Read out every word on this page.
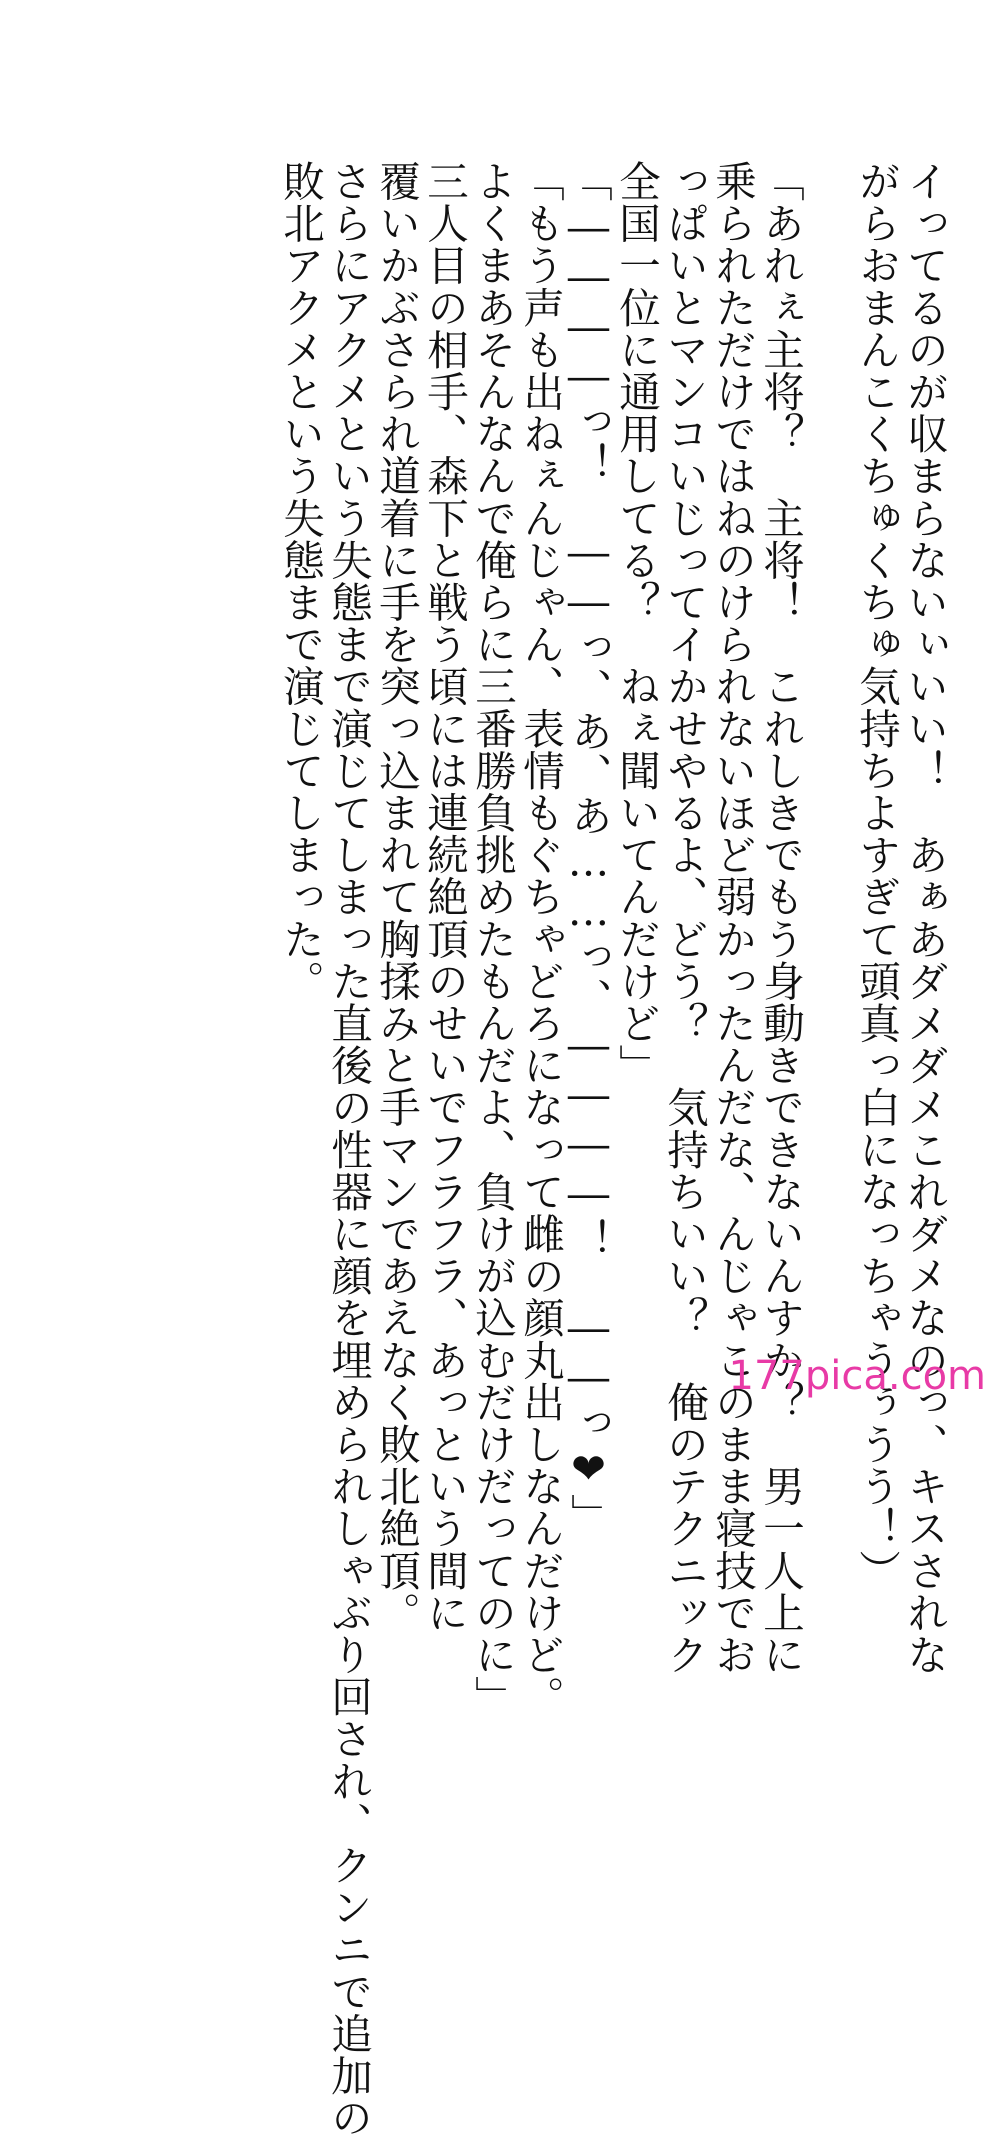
イってるのが収まらないぃいい！　あぁあダメダメこれダメなのっ、キスされな
がらおまんこくちゅくちゅ気持ちよすぎて頭真っ白になっちゃうぅうう！）
「あれぇ主将？　主将！　これしきでもう身動きできないんすか？　男一人上に
乗られただけではねのけられないほど弱かったんだな、んじゃこのまま寝技でお
っぱいとマンコいじってイかせやるよ、どう？　気持ちいい？　俺のテクニック
全国一位に通用してる？　ねぇ聞いてんだけど」
「――――っ！　――っ、あ、あ……っ、――――！　――っ❤」
「もう声も出ねぇんじゃん、表情もぐちゃどろになって雌の顔丸出しなんだけど。
よくまあそんなんで俺らに三番勝負挑めたもんだよ、負けが込むだけだってのに」
三人目の相手、森下と戦う頃には連続絶頂のせいでフラフラ、あっという間に
覆いかぶさられ道着に手を突っ込まれて胸揉みと手マンであえなく敗北絶頂。
さらにアクメという失態まで演じてしまった直後の性器に顔を埋められしゃぶり回され、クンニで追加の
敗北アクメという失態まで演じてしまった。
177pica.com
